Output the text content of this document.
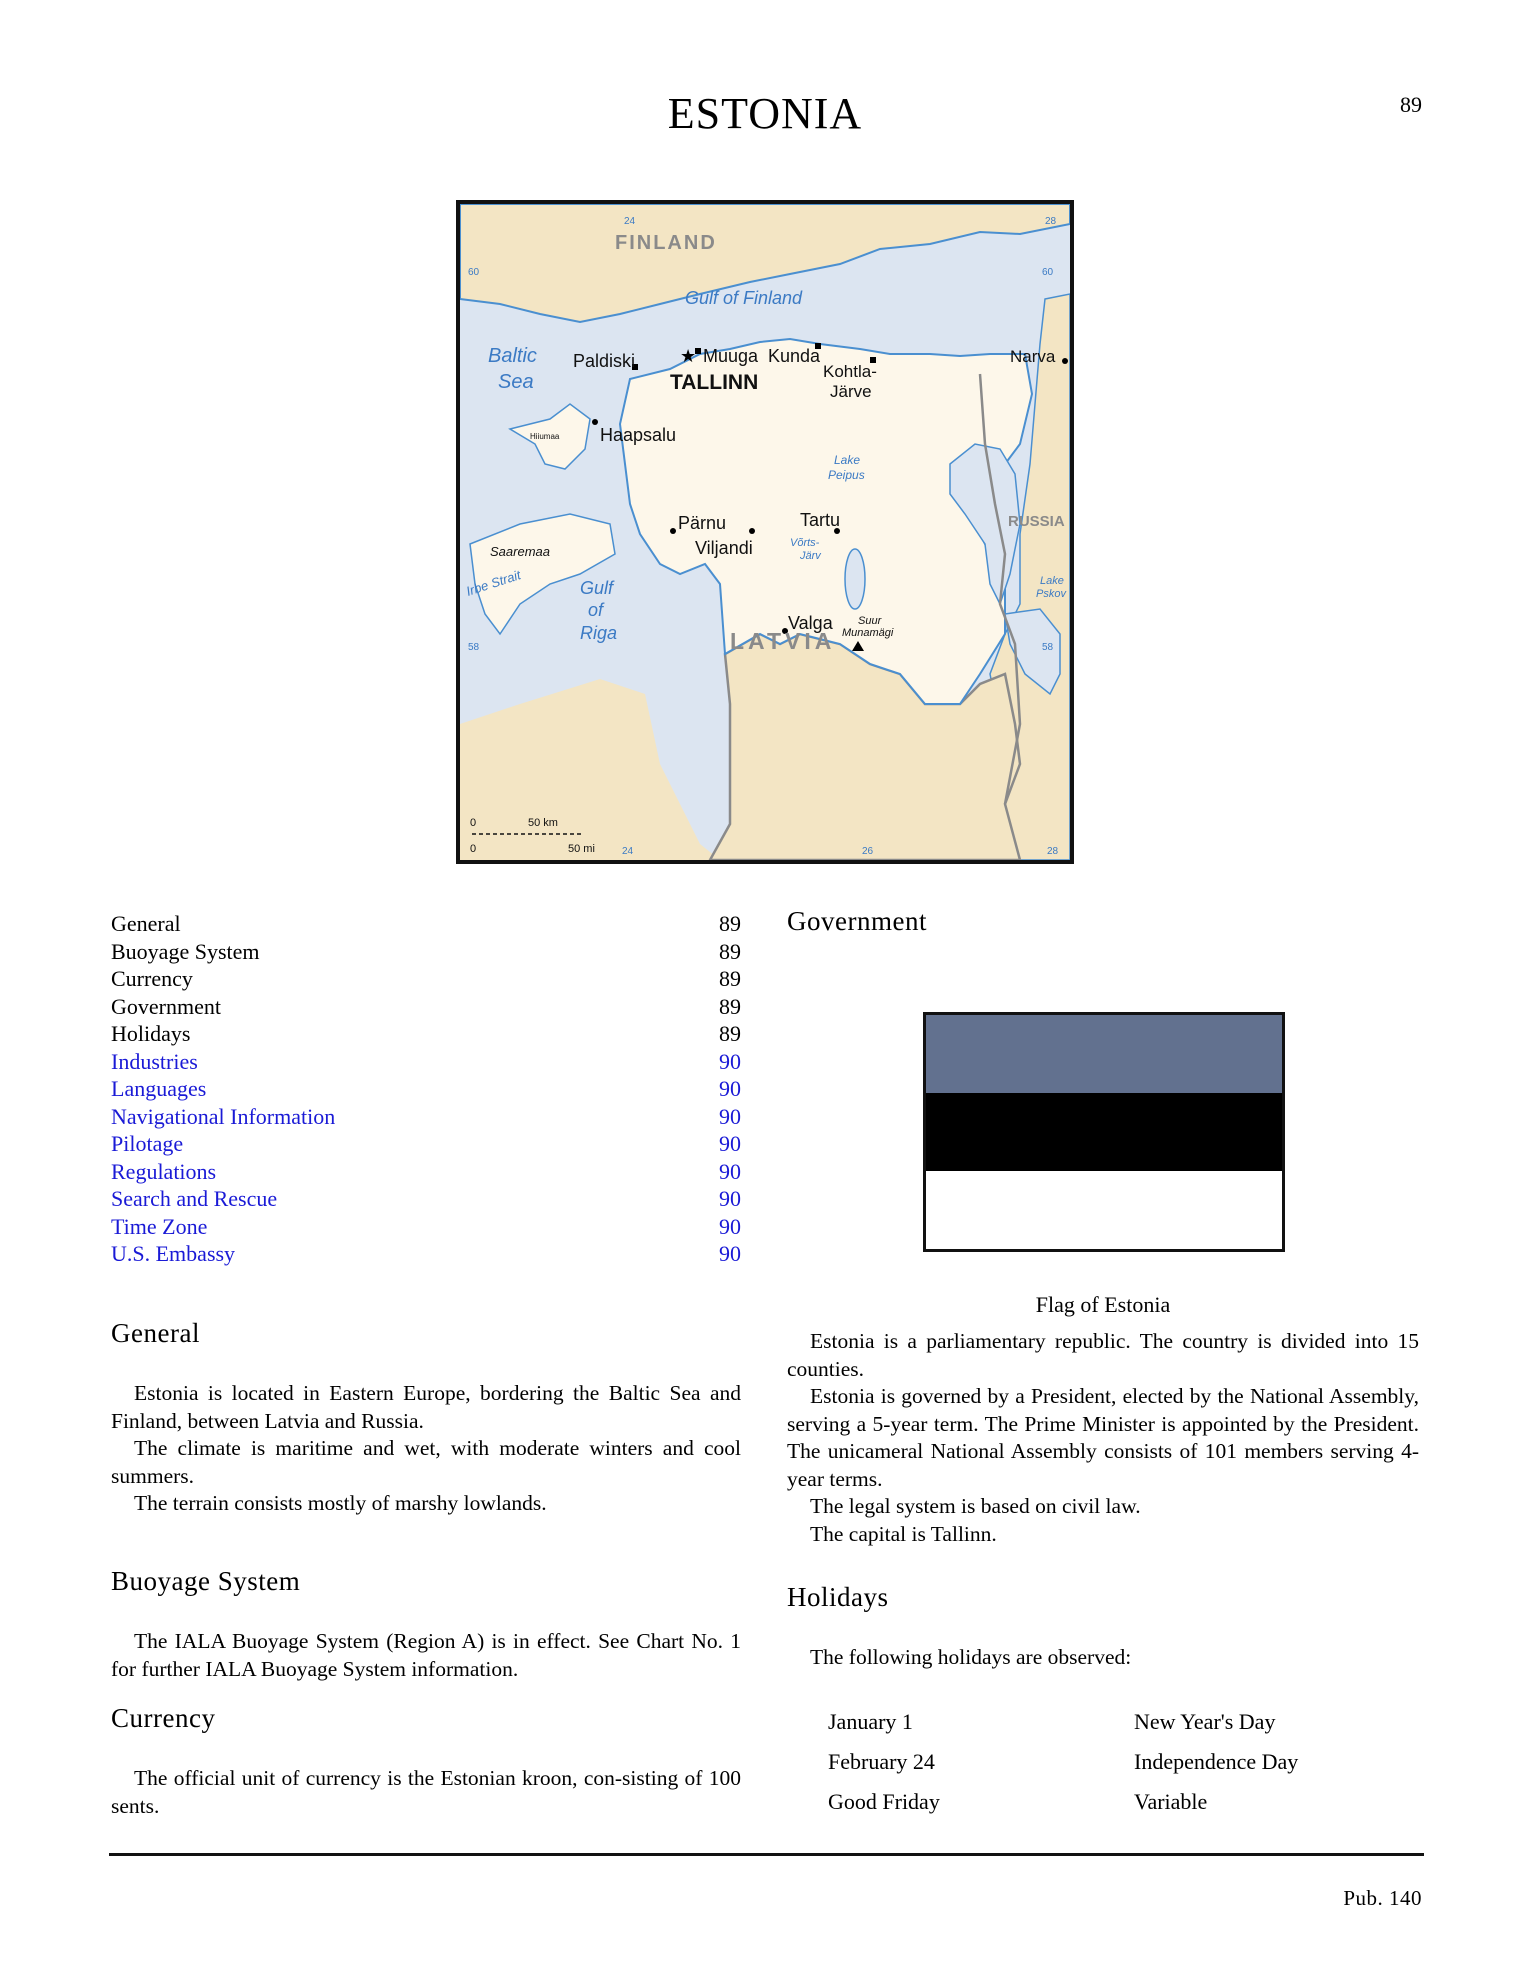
ESTONIA	89
★
FINLAND
LATVIA
RUSSIA
Gulf of Finland
Baltic
Sea
Lake
Peipus
Võrts-
Järv
Irbe Strait	Gulf
of
Riga
Lake
Pskov
Paldiski	Muuga Kunda
Kohtla-
Järve
Narva
TALLINN
Haapsalu
Hiiumaa
Saaremaa
Pärnu
Viljandi
Tartu
Valga Suur
Munamägi
24	28
24	26	28
60	60
58	58
0	50 km
0	50 mi
General	89
Buoyage System	89
Currency	89
Government	89
Holidays	89
Industries	90
Languages	90
Navigational Information	90
Pilotage	90
Regulations	90
Search and Rescue	90
Time Zone	90
U.S. Embassy	90
General

Estonia is located in Eastern Europe, bordering the Baltic Sea and Finland, between Latvia and Russia.

The climate is maritime and wet, with moderate winters and cool summers.

The terrain consists mostly of marshy lowlands.

Buoyage System

The IALA Buoyage System (Region A) is in effect. See Chart No. 1 for further IALA Buoyage System information.

Currency

The official unit of currency is the Estonian kroon, con-sisting of 100 sents.

Government
Flag of Estonia

Estonia is a parliamentary republic. The country is divided into 15 counties.

Estonia is governed by a President, elected by the National Assembly, serving a 5-year term. The Prime Minister is appointed by the President. The unicameral National Assembly consists of 101 members serving 4-year terms.

The legal system is based on civil law.

The capital is Tallinn.

Holidays

The following holidays are observed:

January 1	New Year's Day
February 24	Independence Day
Good Friday	Variable
Pub. 140
